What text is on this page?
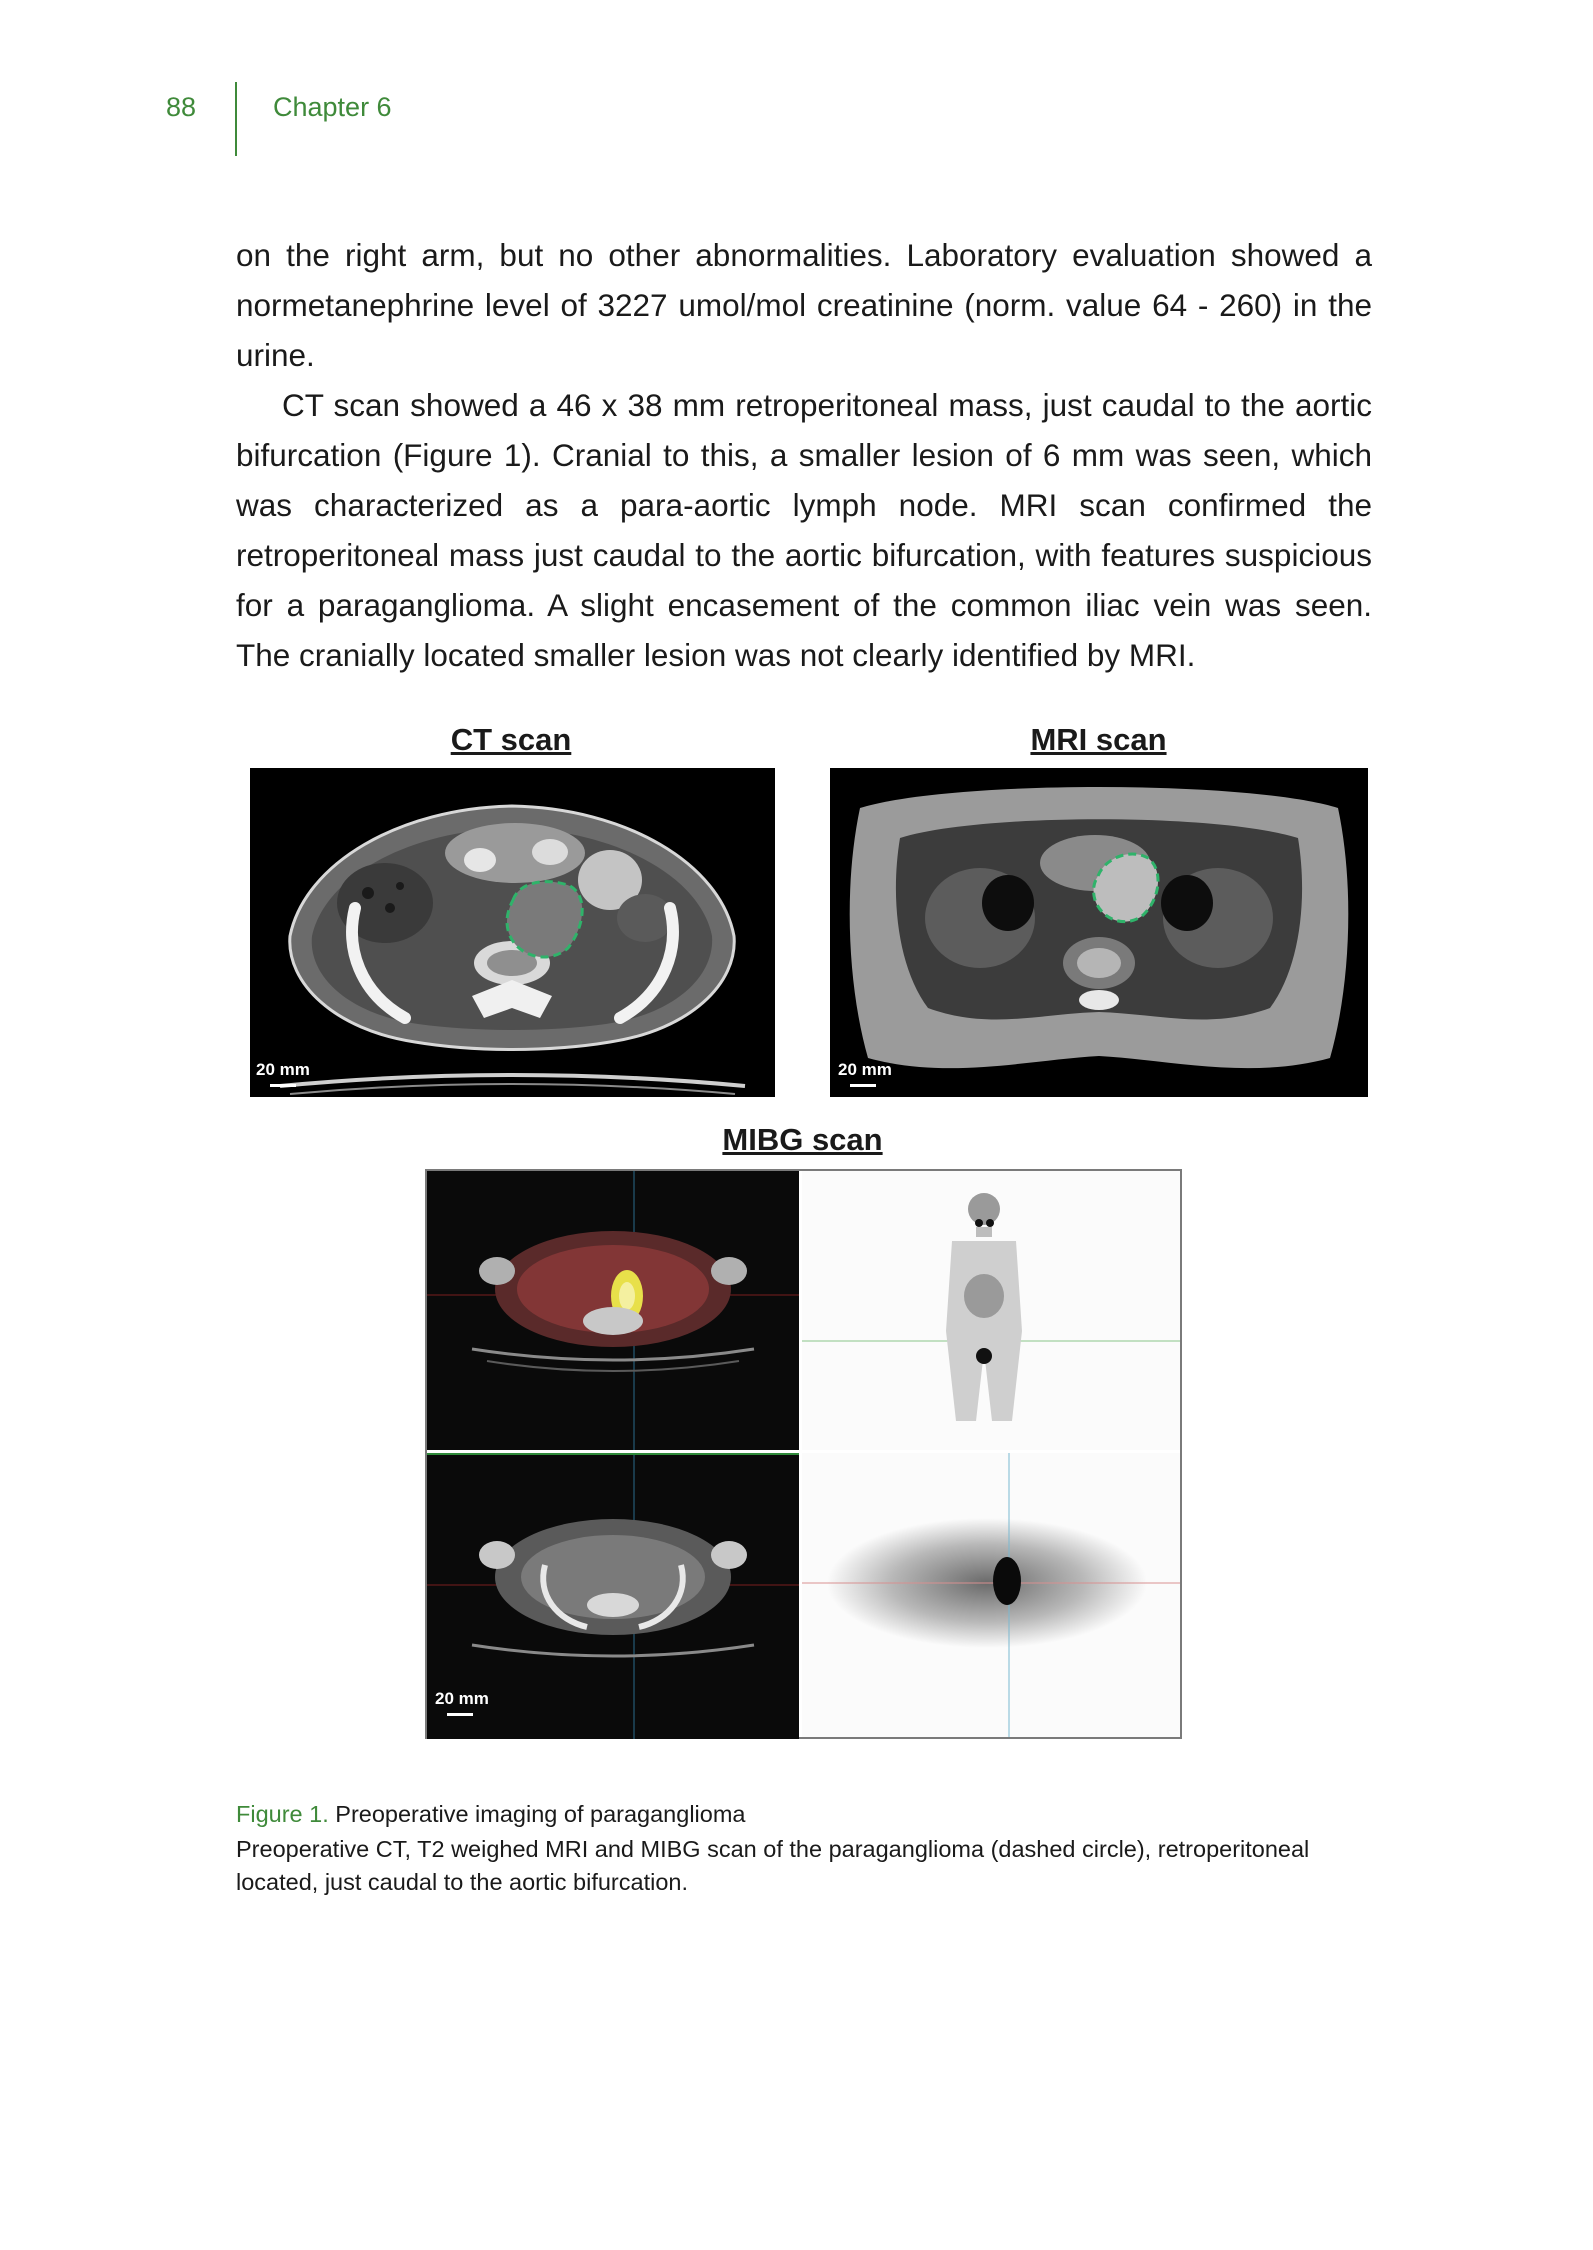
88	Chapter 6

on the right arm, but no other abnormalities. Laboratory evaluation showed a normetanephrine level of 3227 umol/mol creatinine (norm. value 64 - 260) in the urine.

CT scan showed a 46 x 38 mm retroperitoneal mass, just caudal to the aortic bifurcation (Figure 1). Cranial to this, a smaller lesion of 6 mm was seen, which was characterized as a para-aortic lymph node. MRI scan confirmed the retroperitoneal mass just caudal to the aortic bifurcation, with features suspicious for a paraganglioma. A slight encasement of the common iliac vein was seen. The cranially located smaller lesion was not clearly identified by MRI.

CT scan
20 mm
MRI scan
20 mm
MIBG scan
20 mm

Figure 1. Preoperative imaging of paraganglioma

Preoperative CT, T2 weighed MRI and MIBG scan of the paraganglioma (dashed circle), retroperitoneal located, just caudal to the aortic bifurcation.
